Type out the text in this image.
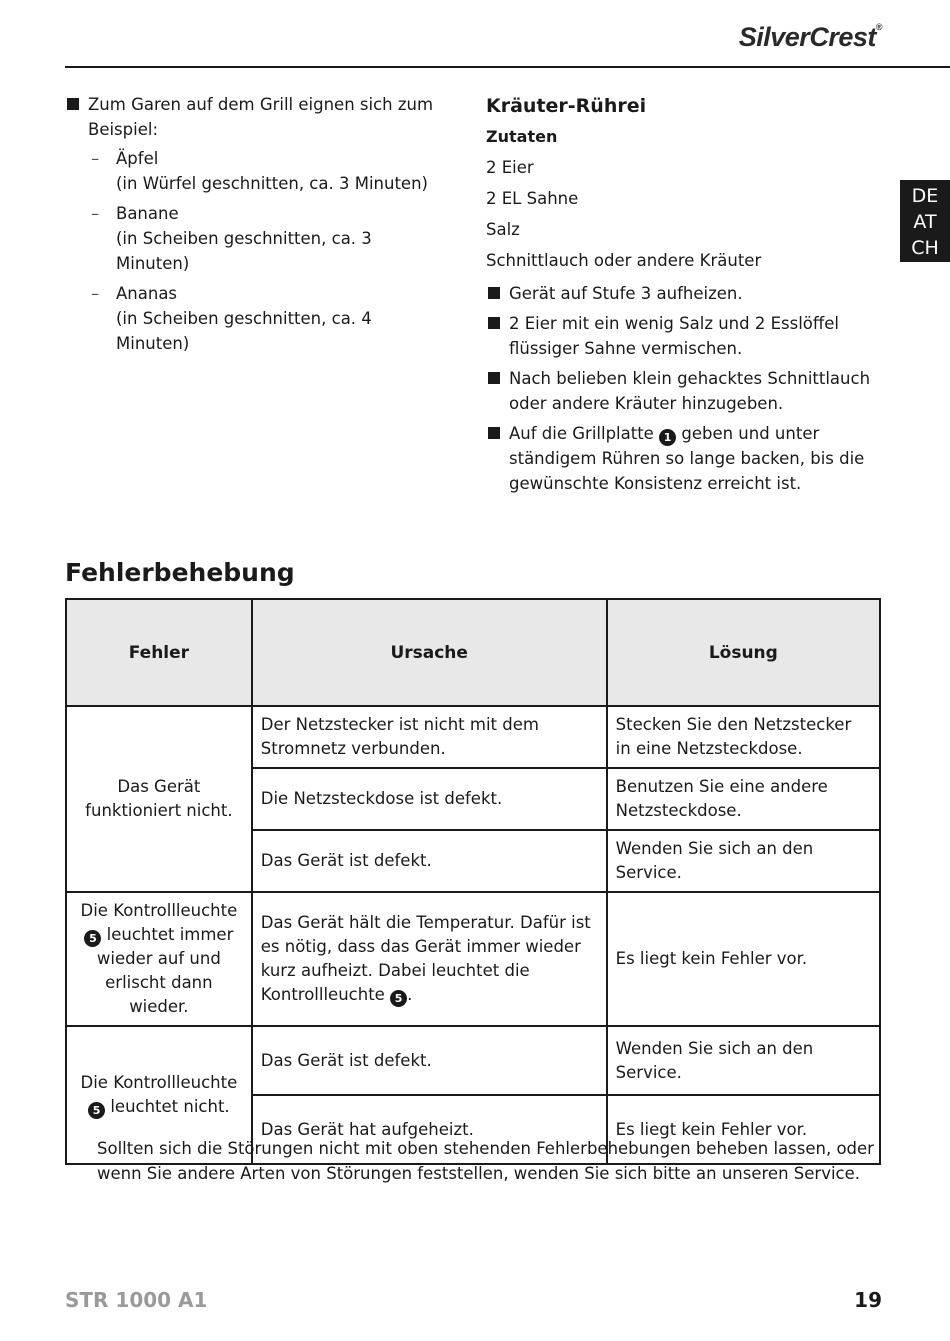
SilverCrest®
DE
AT
CH
Zum Garen auf dem Grill eignen sich zum Beispiel:
– Äpfel
(in Würfel geschnitten, ca. 3 Minuten)
– Banane
(in Scheiben geschnitten, ca. 3 Minuten)
– Ananas
(in Scheiben geschnitten, ca. 4 Minuten)
Kräuter-Rührei
Zutaten
2 Eier
2 EL Sahne
Salz
Schnittlauch oder andere Kräuter
Gerät auf Stufe 3 aufheizen.
2 Eier mit ein wenig Salz und 2 Esslöffel flüssiger Sahne vermischen.
Nach belieben klein gehacktes Schnittlauch oder andere Kräuter hinzugeben.
Auf die Grillplatte 1 geben und unter ständigem Rühren so lange backen, bis die gewünschte Konsistenz erreicht ist.
Fehlerbehebung
Fehler	Ursache	Lösung
Das Gerät funktioniert nicht.	Der Netzstecker ist nicht mit dem Stromnetz verbunden.	Stecken Sie den Netzstecker in eine Netzsteckdose.
	Die Netzsteckdose ist defekt.	Benutzen Sie eine andere Netzsteckdose.
	Das Gerät ist defekt.	Wenden Sie sich an den Service.
Die Kontrollleuchte 5 leuchtet immer wieder auf und erlischt dann wieder.	Das Gerät hält die Temperatur. Dafür ist es nötig, dass das Gerät immer wieder kurz aufheizt. Dabei leuchtet die Kontrollleuchte 5 .	Es liegt kein Fehler vor.
Die Kontrollleuchte 5 leuchtet nicht.	Das Gerät ist defekt.	Wenden Sie sich an den Service.
	Das Gerät hat aufgeheizt.	Es liegt kein Fehler vor.
Sollten sich die Störungen nicht mit oben stehenden Fehlerbehebungen beheben lassen, oder wenn Sie andere Arten von Störungen feststellen, wenden Sie sich bitte an unseren Service.
STR 1000 A1	19
